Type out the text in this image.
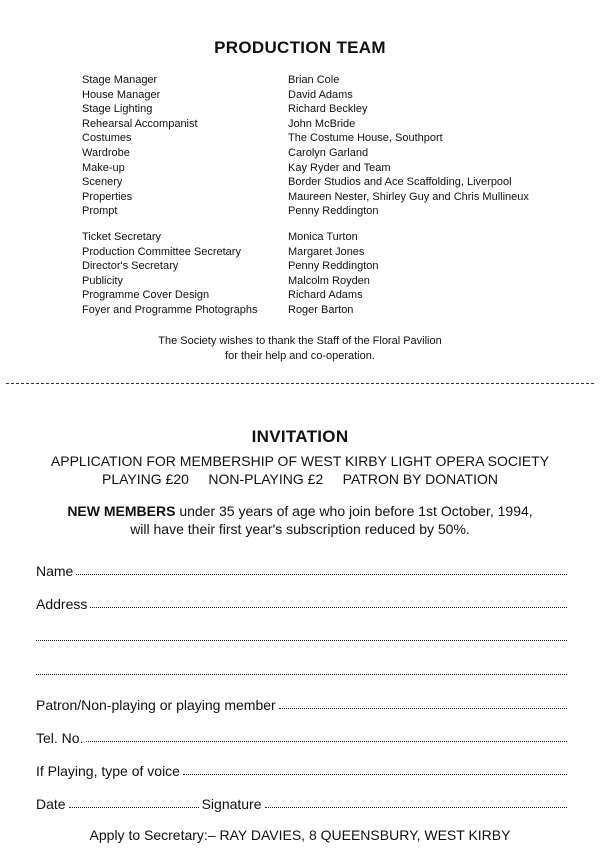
PRODUCTION TEAM
Stage Manager	Brian Cole
House Manager	David Adams
Stage Lighting	Richard Beckley
Rehearsal Accompanist	John McBride
Costumes	The Costume House, Southport
Wardrobe	Carolyn Garland
Make-up	Kay Ryder and Team
Scenery	Border Studios and Ace Scaffolding, Liverpool
Properties	Maureen Nester, Shirley Guy and Chris Mullineux
Prompt	Penny Reddington
Ticket Secretary	Monica Turton
Production Committee Secretary	Margaret Jones
Director's Secretary	Penny Reddington
Publicity	Malcolm Royden
Programme Cover Design	Richard Adams
Foyer and Programme Photographs	Roger Barton
The Society wishes to thank the Staff of the Floral Pavilion
for their help and co-operation.
INVITATION
APPLICATION FOR MEMBERSHIP OF WEST KIRBY LIGHT OPERA SOCIETY
PLAYING £20     NON-PLAYING £2     PATRON BY DONATION
NEW MEMBERS under 35 years of age who join before 1st October, 1994,
will have their first year's subscription reduced by 50%.
Name
Address
Patron/Non-playing or playing member
Tel. No.
If Playing, type of voice
Date	Signature
Apply to Secretary:– RAY DAVIES, 8 QUEENSBURY, WEST KIRBY
